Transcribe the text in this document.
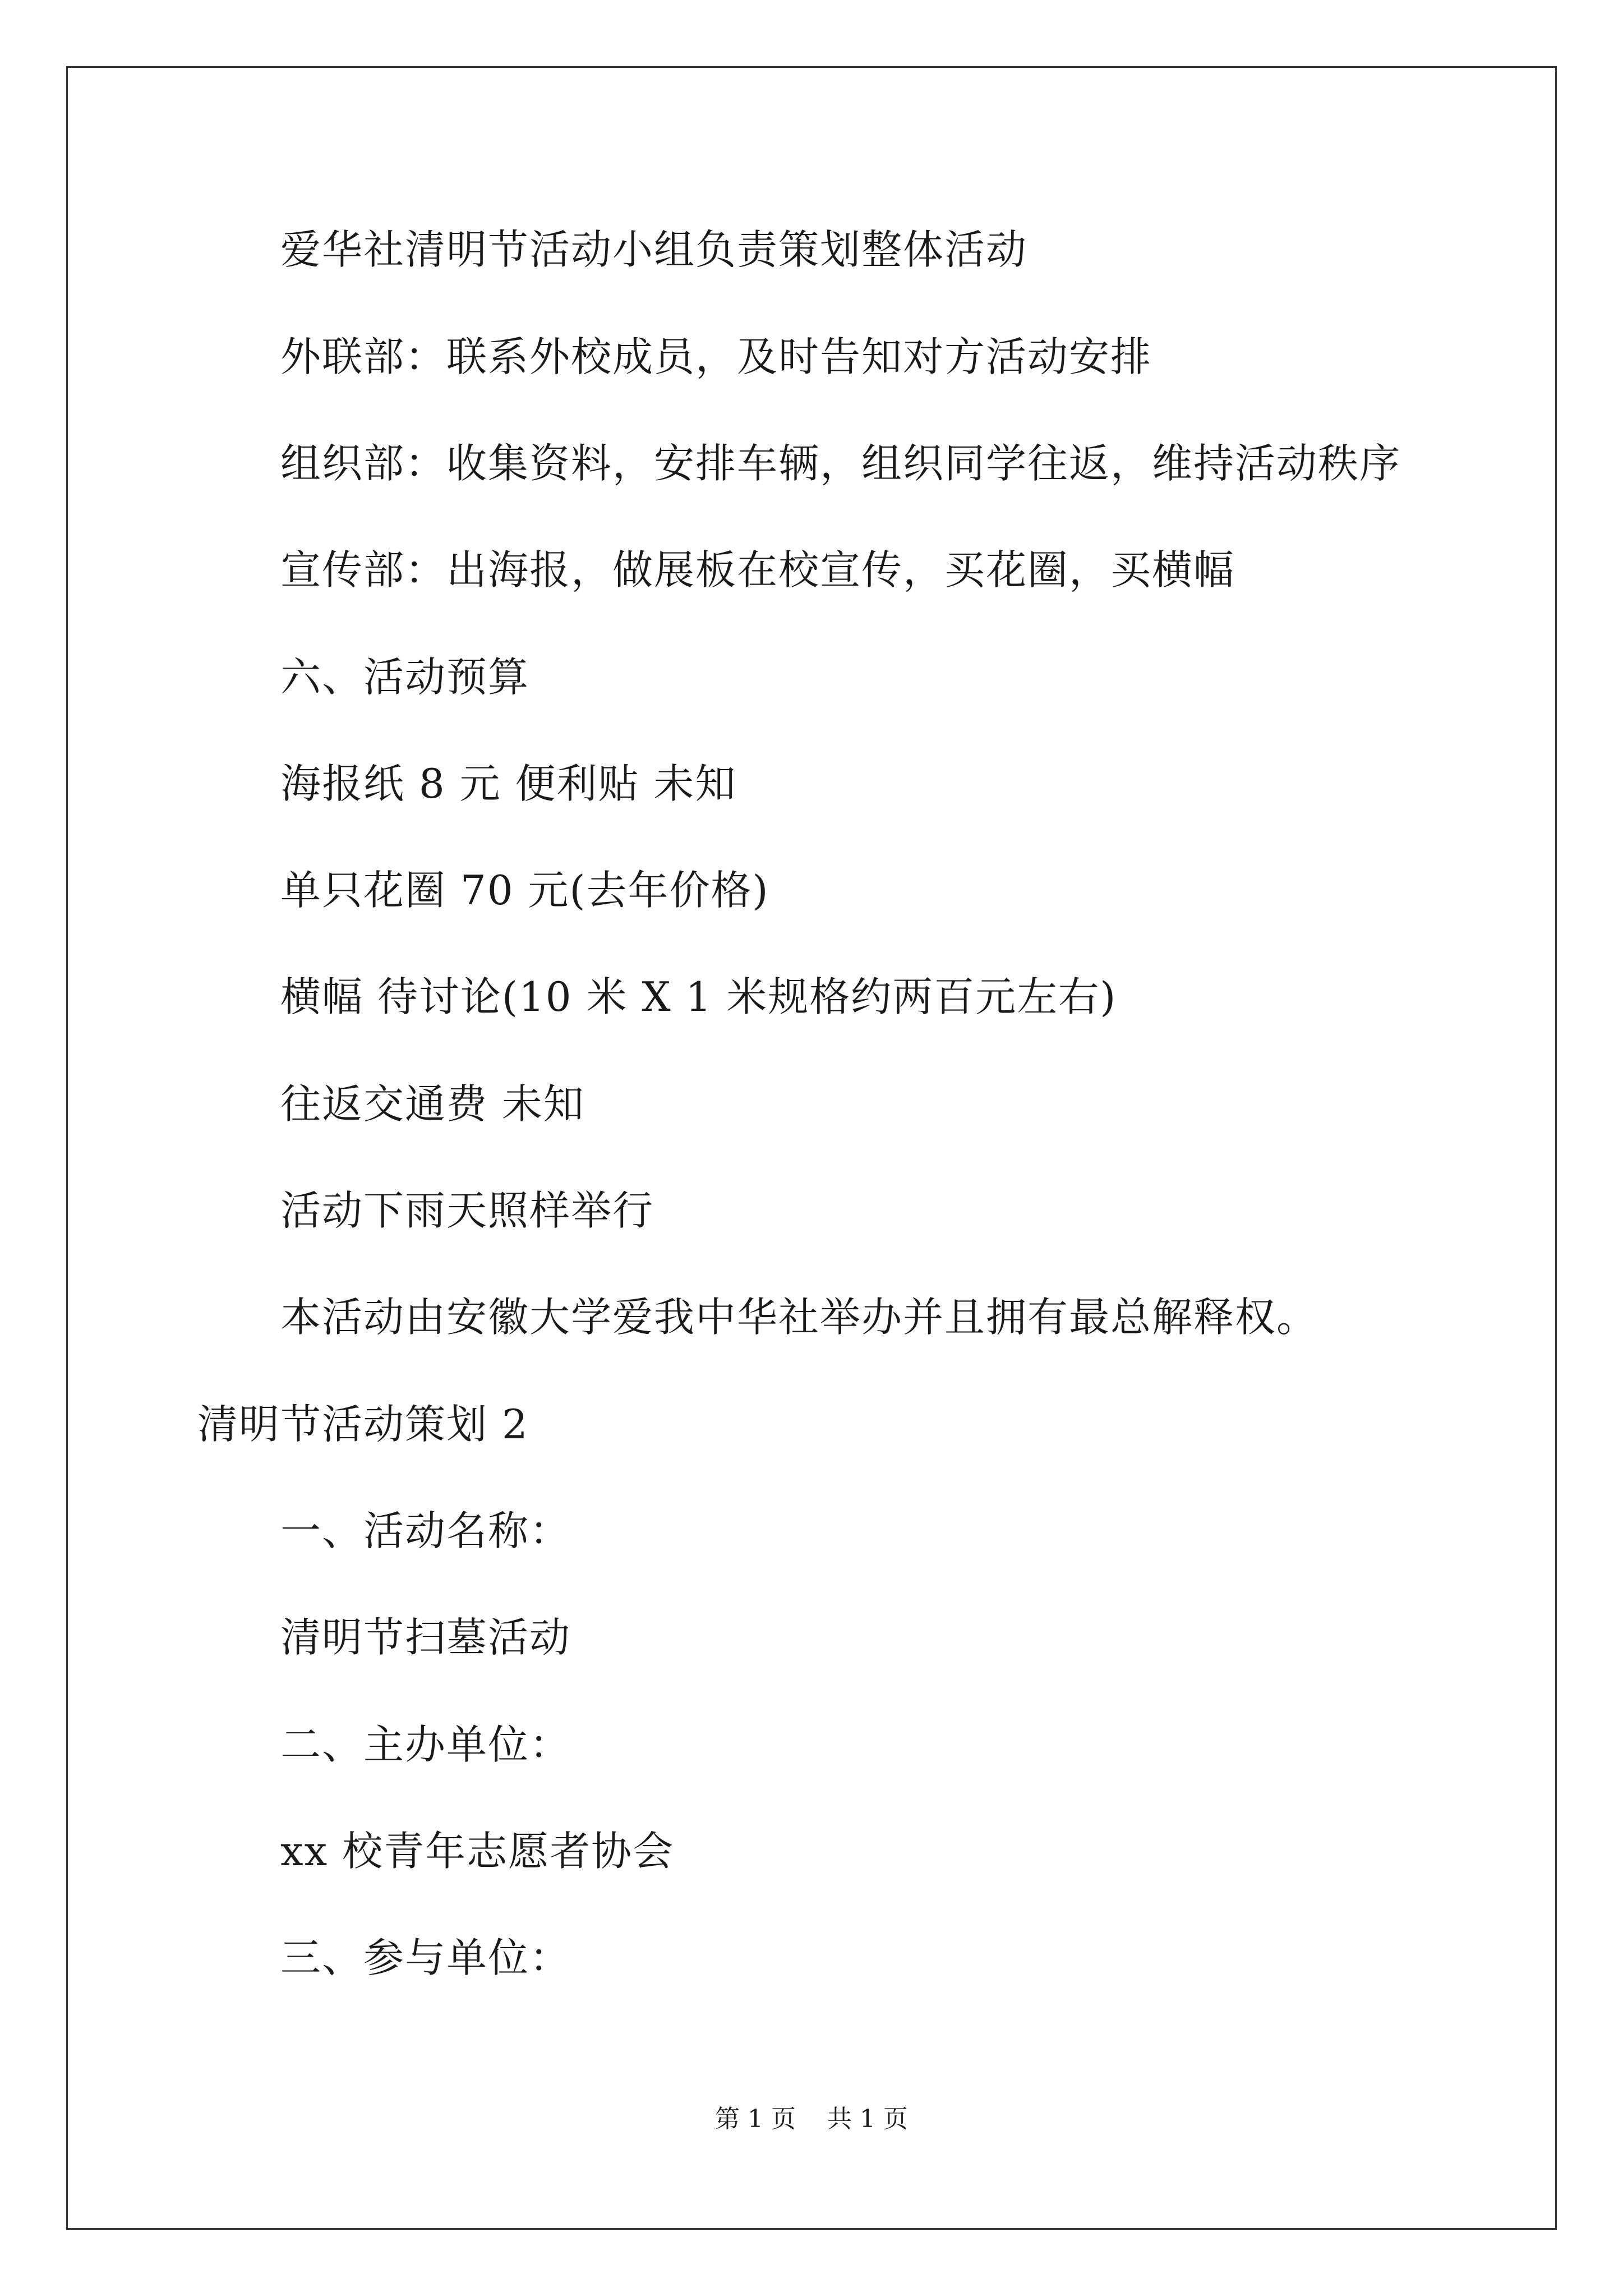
爱华社清明节活动小组负责策划整体活动
外联部：联系外校成员，及时告知对方活动安排
组织部：收集资料，安排车辆，组织同学往返，维持活动秩序
宣传部：出海报，做展板在校宣传，买花圈，买横幅
六、活动预算
海报纸 8 元 便利贴 未知
单只花圈 70 元(去年价格)
横幅 待讨论(10 米 X 1 米规格约两百元左右)
往返交通费 未知
活动下雨天照样举行
本活动由安徽大学爱我中华社举办并且拥有最总解释权。
清明节活动策划 2
一、活动名称：
清明节扫墓活动
二、主办单位：
xx 校青年志愿者协会
三、参与单位：
第 1 页    共 1 页
